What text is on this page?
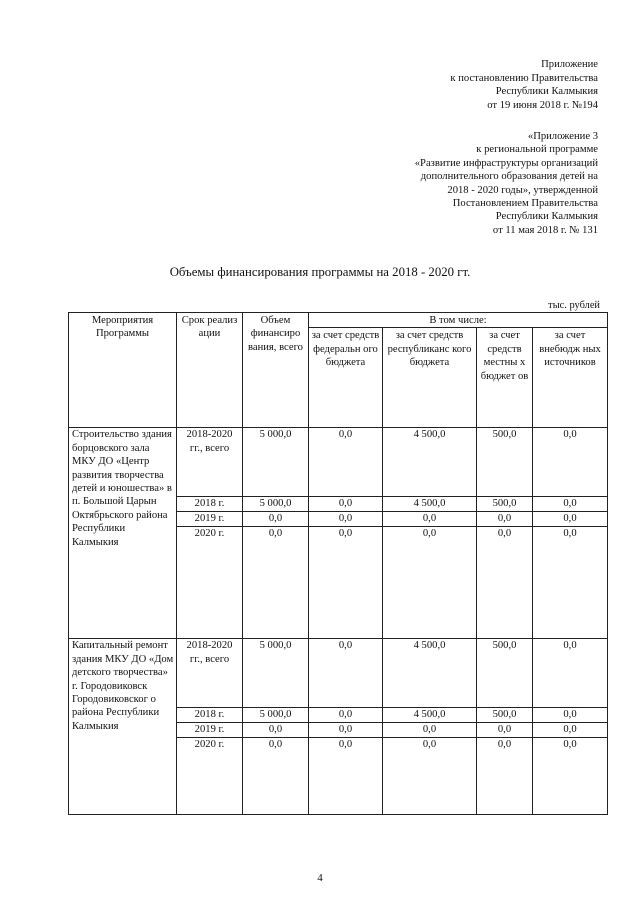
Приложение
к постановлению Правительства
Республики Калмыкия
от 19 июня 2018 г. №194
«Приложение 3
к региональной программе
«Развитие инфраструктуры организаций
дополнительного образования детей на
2018 - 2020 годы», утвержденной
Постановлением Правительства
Республики Калмыкия
от 11 мая 2018 г. № 131
Объемы финансирования программы на 2018 - 2020 гт.
тыс. рублей
Мероприятия Программы	Срок реализ ации	Объем финансиро вания, всего	В том числе:			
			за счет средств федеральн ого бюджета	за счет средств республиканс кого бюджета	за счет средств местны х бюджет ов	за счет внебюдж ных источников
Строительство здания борцовского зала МКУ ДО «Центр развития творчества детей и юношества» в п. Большой Царын Октябрьского района Республики Калмыкия	2018-2020 гг., всего	5 000,0	0,0	4 500,0	500,0	0,0
	2018 г.	5 000,0	0,0	4 500,0	500,0	0,0
	2019 г.	0,0	0,0	0,0	0,0	0,0
	2020 г.	0,0	0,0	0,0	0,0	0,0
Капитальный ремонт здания МКУ ДО «Дом детского творчества» г. Городовиковск Городовиковског о района Республики Калмыкия	2018-2020 гг., всего	5 000,0	0,0	4 500,0	500,0	0,0
	2018 г.	5 000,0	0,0	4 500,0	500,0	0,0
	2019 г.	0,0	0,0	0,0	0,0	0,0
	2020 г.	0,0	0,0	0,0	0,0	0,0
4
